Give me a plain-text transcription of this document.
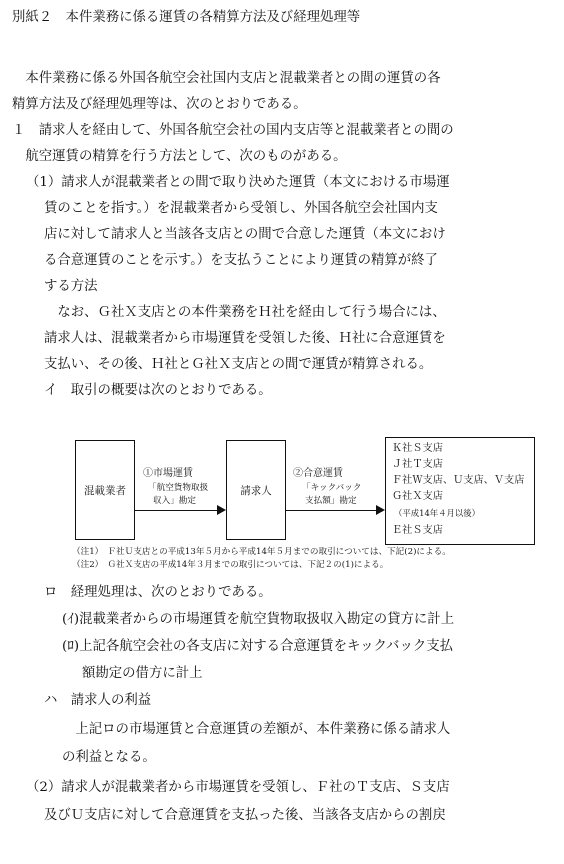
別紙２　本件業務に係る運賃の各精算方法及び経理処理等
　本件業務に係る外国各航空会社国内支店と混載業者との間の運賃の各
精算方法及び経理処理等は、次のとおりである。
１　請求人を経由して、外国各航空会社の国内支店等と混載業者との間の
　航空運賃の精算を行う方法として、次のものがある。
（1）請求人が混載業者との間で取り決めた運賃（本文における市場運
賃のことを指す。）を混載業者から受領し、外国各航空会社国内支
店に対して請求人と当該各支店との間で合意した運賃（本文におけ
る合意運賃のことを示す。）を支払うことにより運賃の精算が終了
する方法
　なお、Ｇ社Ｘ支店との本件業務をＨ社を経由して行う場合には、
請求人は、混載業者から市場運賃を受領した後、Ｈ社に合意運賃を
支払い、その後、Ｈ社とＧ社Ｘ支店との間で運賃が精算される。
イ　取引の概要は次のとおりである。
混載業者
①市場運賃
「航空貨物取扱
収入」勘定
請求人
②合意運賃
「キックバック
支払額」勘定
Ｋ社Ｓ支店
Ｊ社Ｔ支店
Ｆ社Ｗ支店、Ｕ支店、Ｖ支店
Ｇ社Ｘ支店
（平成14年４月以後）
Ｅ社Ｓ支店
（注1）　Ｆ社Ｕ支店との平成13年５月から平成14年５月までの取引については、下記(2)による。
（注2）　Ｇ社Ｘ支店の平成14年３月までの取引については、下記２の(1)による。
ロ　経理処理は、次のとおりである。
(ｲ)混載業者からの市場運賃を航空貨物取扱収入勘定の貸方に計上
(ﾛ)上記各航空会社の各支店に対する合意運賃をキックバック支払
額勘定の借方に計上
ハ　請求人の利益
　上記ロの市場運賃と合意運賃の差額が、本件業務に係る請求人
の利益となる。
（2）請求人が混載業者から市場運賃を受領し、Ｆ社のＴ支店、Ｓ支店
及びＵ支店に対して合意運賃を支払った後、当該各支店からの割戻
